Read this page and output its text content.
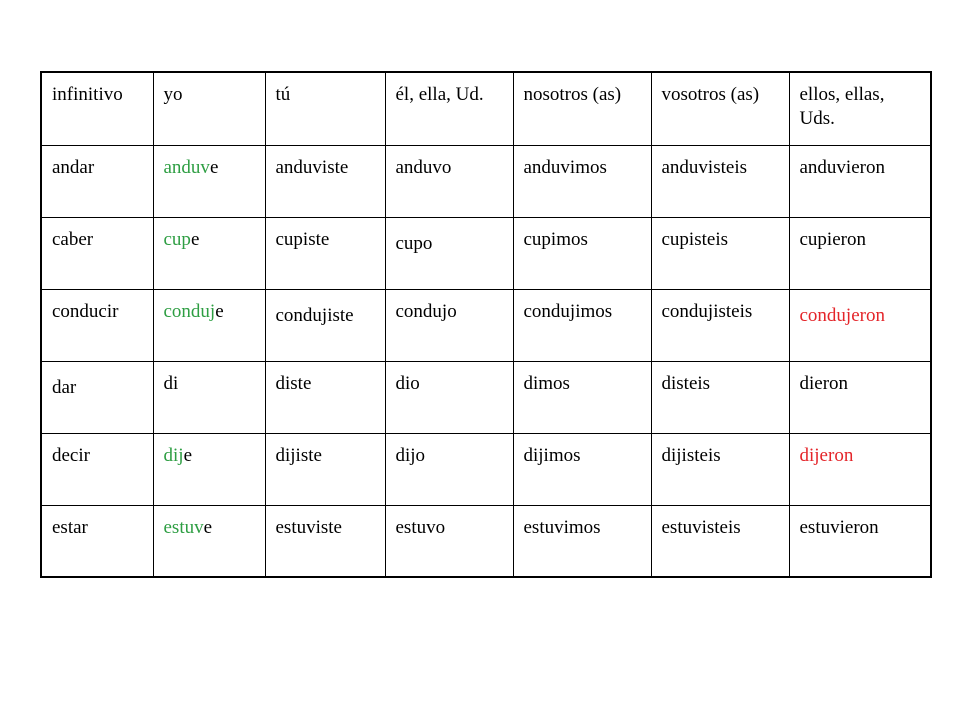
infinitivo	yo	tú	él, ella, Ud.	nosotros (as)	vosotros (as)	ellos, ellas, Uds.
andar	anduve	anduviste	anduvo	anduvimos	anduvisteis	anduvieron
caber	cupe	cupiste	cupo	cupimos	cupisteis	cupieron
conducir	conduje	condujiste	condujo	condujimos	condujisteis	condujeron
dar	di	diste	dio	dimos	disteis	dieron
decir	dije	dijiste	dijo	dijimos	dijisteis	dijeron
estar	estuve	estuviste	estuvo	estuvimos	estuvisteis	estuvieron
